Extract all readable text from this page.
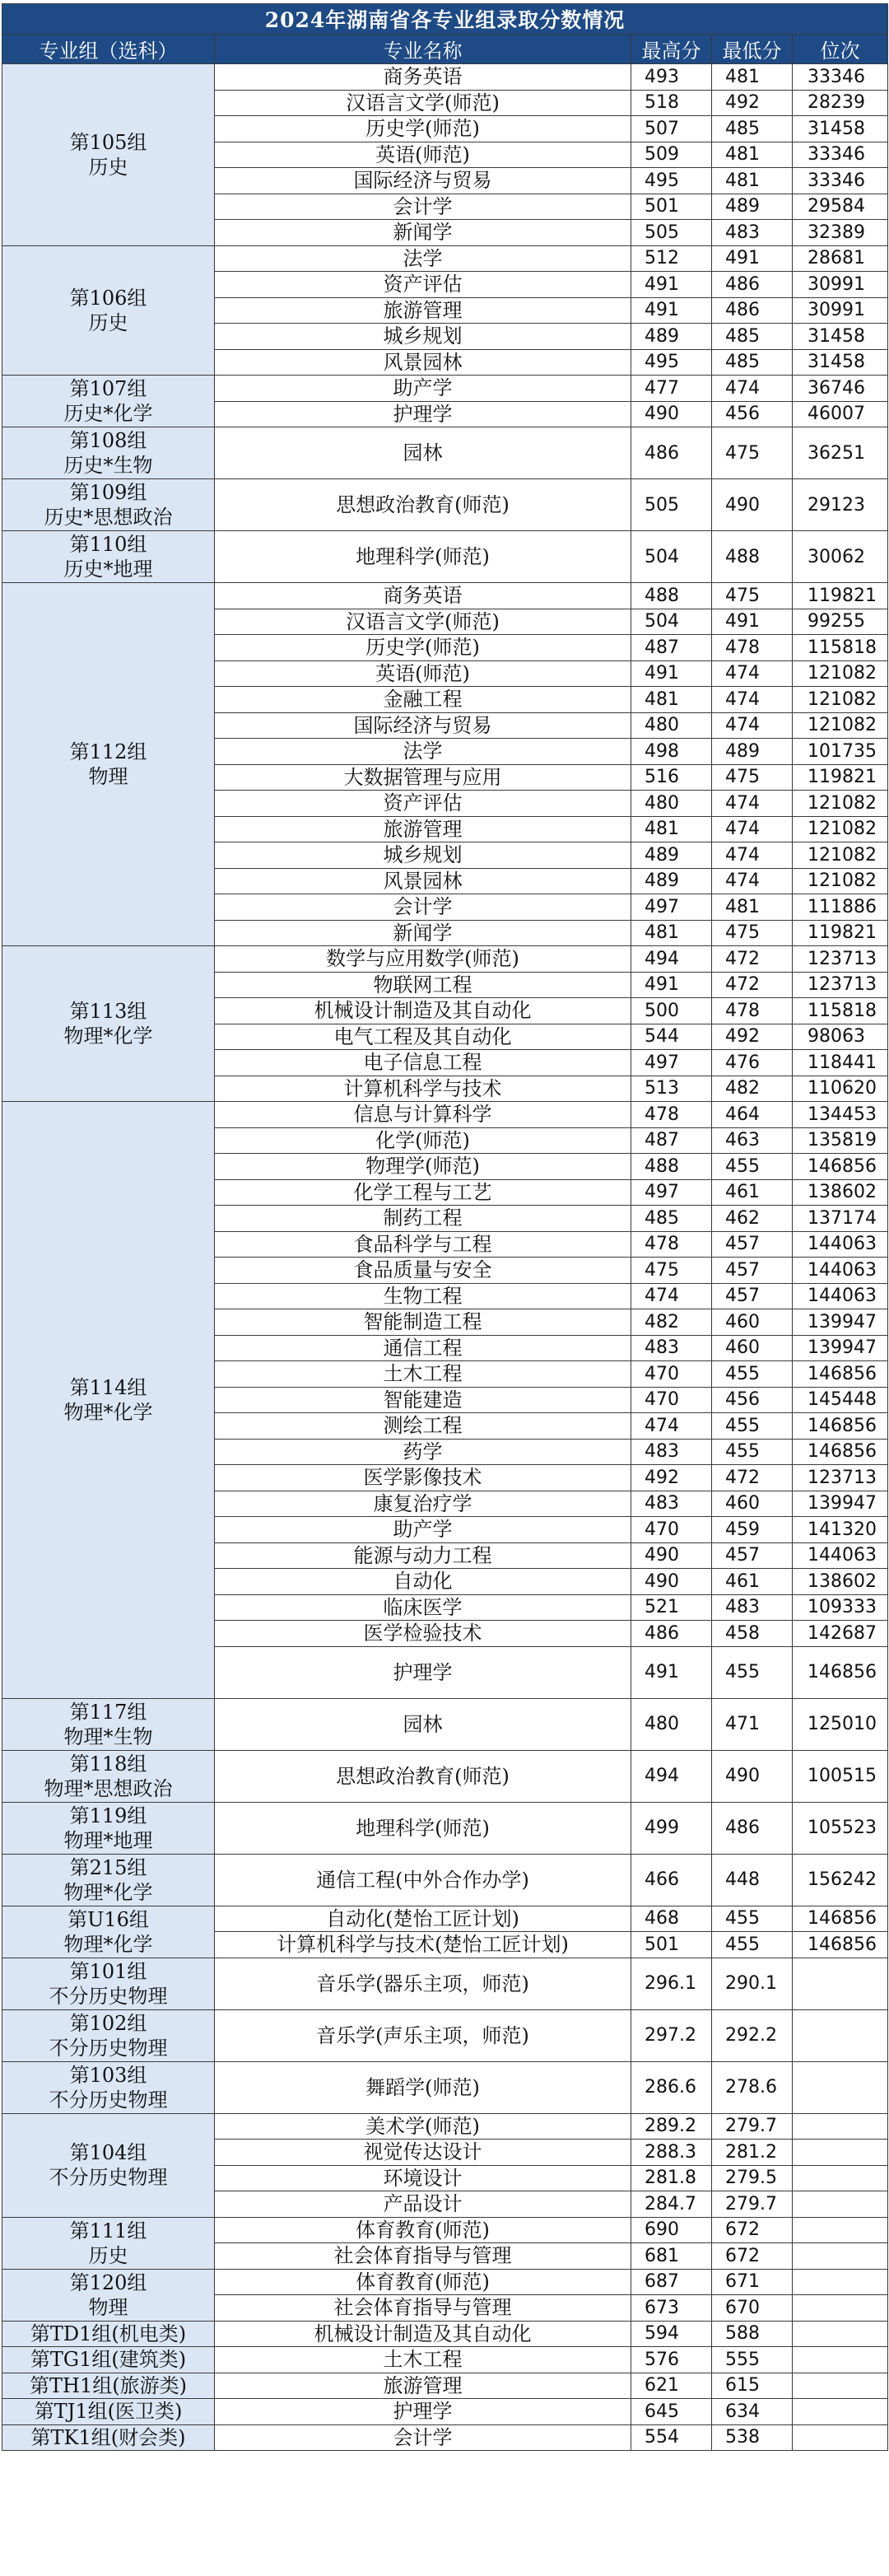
2024年湖南省各专业组录取分数情况				
专业组（选科）	专业名称	最高分	最低分	位次

第105组
历史	商务英语	493	481	33346
	汉语言文学(师范)	518	492	28239
	历史学(师范)	507	485	31458
	英语(师范)	509	481	33346
	国际经济与贸易	495	481	33346
	会计学	501	489	29584
	新闻学	505	483	32389

第106组
历史	法学	512	491	28681
	资产评估	491	486	30991
	旅游管理	491	486	30991
	城乡规划	489	485	31458
	风景园林	495	485	31458

第107组
历史*化学	助产学	477	474	36746
	护理学	490	456	46007

第108组
历史*生物	园林	486	475	36251

第109组
历史*思想政治	思想政治教育(师范)	505	490	29123

第110组
历史*地理	地理科学(师范)	504	488	30062

第112组
物理	商务英语	488	475	119821
	汉语言文学(师范)	504	491	99255
	历史学(师范)	487	478	115818
	英语(师范)	491	474	121082
	金融工程	481	474	121082
	国际经济与贸易	480	474	121082
	法学	498	489	101735
	大数据管理与应用	516	475	119821
	资产评估	480	474	121082
	旅游管理	481	474	121082
	城乡规划	489	474	121082
	风景园林	489	474	121082
	会计学	497	481	111886
	新闻学	481	475	119821

第113组
物理*化学	数学与应用数学(师范)	494	472	123713
	物联网工程	491	472	123713
	机械设计制造及其自动化	500	478	115818
	电气工程及其自动化	544	492	98063
	电子信息工程	497	476	118441
	计算机科学与技术	513	482	110620

第114组
物理*化学	信息与计算科学	478	464	134453
	化学(师范)	487	463	135819
	物理学(师范)	488	455	146856
	化学工程与工艺	497	461	138602
	制药工程	485	462	137174
	食品科学与工程	478	457	144063
	食品质量与安全	475	457	144063
	生物工程	474	457	144063
	智能制造工程	482	460	139947
	通信工程	483	460	139947
	土木工程	470	455	146856
	智能建造	470	456	145448
	测绘工程	474	455	146856
	药学	483	455	146856
	医学影像技术	492	472	123713
	康复治疗学	483	460	139947
	助产学	470	459	141320
	能源与动力工程	490	457	144063
	自动化	490	461	138602
	临床医学	521	483	109333
	医学检验技术	486	458	142687
	护理学	491	455	146856

第117组
物理*生物	园林	480	471	125010

第118组
物理*思想政治	思想政治教育(师范)	494	490	100515

第119组
物理*地理	地理科学(师范)	499	486	105523

第215组
物理*化学	通信工程(中外合作办学)	466	448	156242

第U16组
物理*化学	自动化(楚怡工匠计划)	468	455	146856
	计算机科学与技术(楚怡工匠计划)	501	455	146856

第101组
不分历史物理	音乐学(器乐主项，师范)	296.1	290.1	

第102组
不分历史物理	音乐学(声乐主项，师范)	297.2	292.2	

第103组
不分历史物理	舞蹈学(师范)	286.6	278.6	

第104组
不分历史物理	美术学(师范)	289.2	279.7	
	视觉传达设计	288.3	281.2	
	环境设计	281.8	279.5	
	产品设计	284.7	279.7	

第111组
历史	体育教育(师范)	690	672	
	社会体育指导与管理	681	672	

第120组
物理	体育教育(师范)	687	671	
	社会体育指导与管理	673	670	

第TD1组(机电类)	机械设计制造及其自动化	594	588	

第TG1组(建筑类)	土木工程	576	555	

第TH1组(旅游类)	旅游管理	621	615	

第TJ1组(医卫类)	护理学	645	634	

第TK1组(财会类)	会计学	554	538	
